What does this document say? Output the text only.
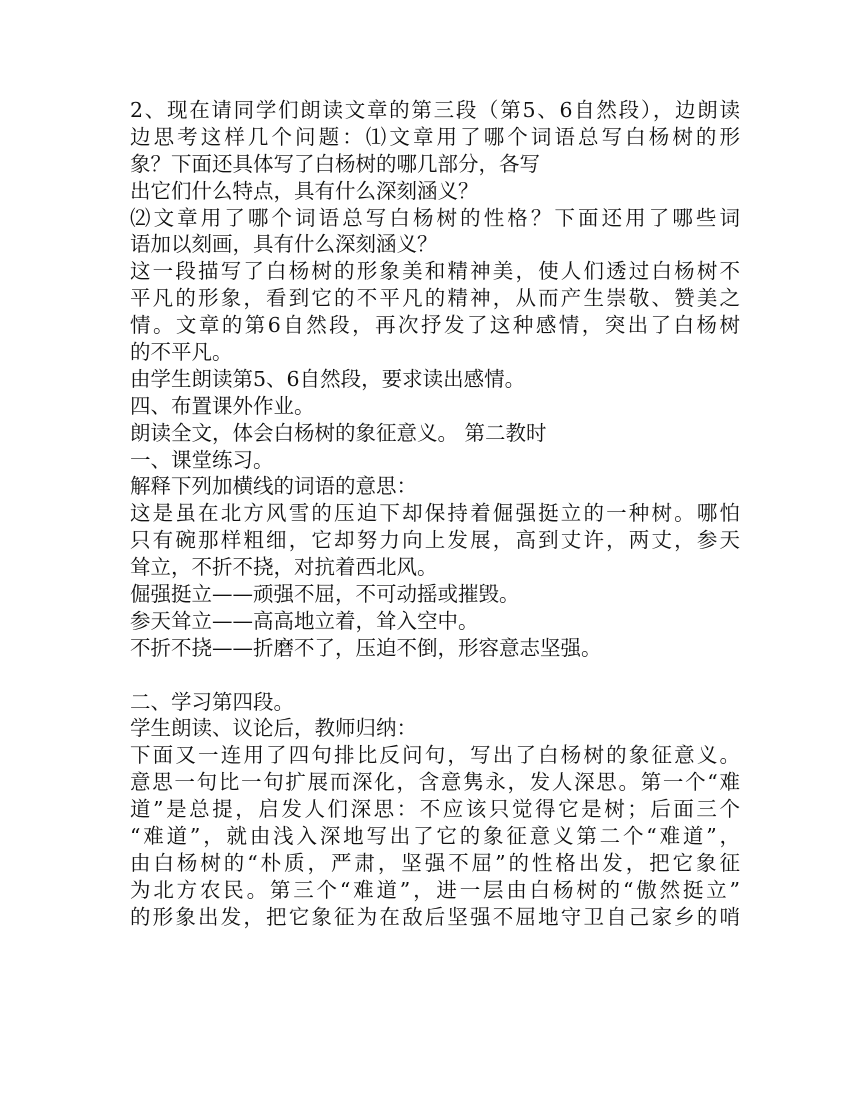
2、现在请同学们朗读文章的第三段（第5、6自然段），边朗读
边思考这样几个问题：⑴文章用了哪个词语总写白杨树的形
象？下面还具体写了白杨树的哪几部分，各写
出它们什么特点，具有什么深刻涵义？
⑵文章用了哪个词语总写白杨树的性格？下面还用了哪些词
语加以刻画，具有什么深刻涵义？
这一段描写了白杨树的形象美和精神美，使人们透过白杨树不
平凡的形象，看到它的不平凡的精神，从而产生崇敬、赞美之
情。文章的第6自然段，再次抒发了这种感情，突出了白杨树
的不平凡。
由学生朗读第5、6自然段，要求读出感情。
四、布置课外作业。
朗读全文，体会白杨树的象征意义。 第二教时
一、课堂练习。
解释下列加横线的词语的意思：
这是虽在北方风雪的压迫下却保持着倔强挺立的一种树。哪怕
只有碗那样粗细，它却努力向上发展，高到丈许，两丈，参天
耸立，不折不挠，对抗着西北风。
倔强挺立——顽强不屈，不可动摇或摧毁。
参天耸立——高高地立着，耸入空中。
不折不挠——折磨不了，压迫不倒，形容意志坚强。
二、学习第四段。
学生朗读、议论后，教师归纳：
下面又一连用了四句排比反问句，写出了白杨树的象征意义。
意思一句比一句扩展而深化，含意隽永，发人深思。第一个“难
道”是总提，启发人们深思：不应该只觉得它是树；后面三个
“难道”，就由浅入深地写出了它的象征意义第二个“难道”，
由白杨树的“朴质，严肃，坚强不屈”的性格出发，把它象征
为北方农民。第三个“难道”，进一层由白杨树的“傲然挺立”
的形象出发，把它象征为在敌后坚强不屈地守卫自己家乡的哨
